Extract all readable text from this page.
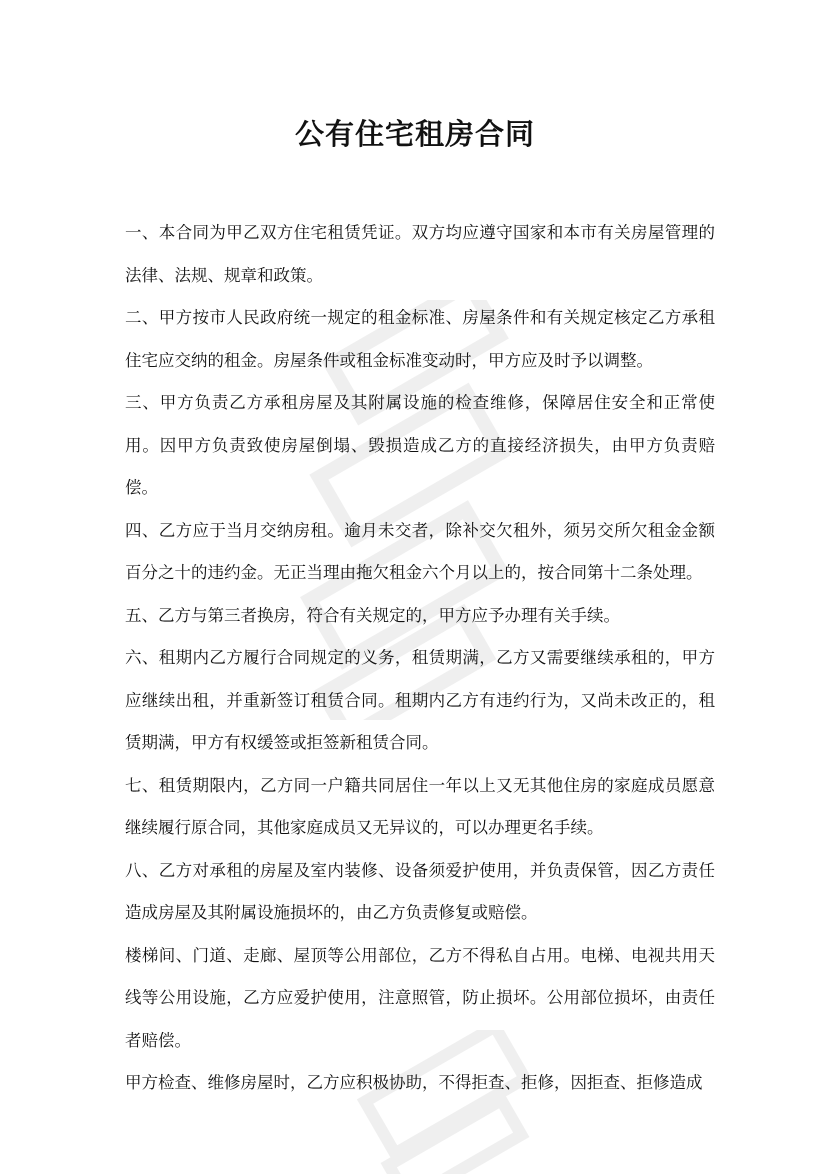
公有住宅租房合同

一、本合同为甲乙双方住宅租赁凭证。双方均应遵守国家和本市有关房屋管理的法律、法规、规章和政策。

二、甲方按市人民政府统一规定的租金标准、房屋条件和有关规定核定乙方承租住宅应交纳的租金。房屋条件或租金标准变动时，甲方应及时予以调整。

三、甲方负责乙方承租房屋及其附属设施的检查维修，保障居住安全和正常使用。因甲方负责致使房屋倒塌、毁损造成乙方的直接经济损失，由甲方负责赔偿。

四、乙方应于当月交纳房租。逾月未交者，除补交欠租外，须另交所欠租金金额百分之十的违约金。无正当理由拖欠租金六个月以上的，按合同第十二条处理。

五、乙方与第三者换房，符合有关规定的，甲方应予办理有关手续。

六、租期内乙方履行合同规定的义务，租赁期满，乙方又需要继续承租的，甲方应继续出租，并重新签订租赁合同。租期内乙方有违约行为，又尚未改正的，租赁期满，甲方有权缓签或拒签新租赁合同。

七、租赁期限内，乙方同一户籍共同居住一年以上又无其他住房的家庭成员愿意继续履行原合同，其他家庭成员又无异议的，可以办理更名手续。

八、乙方对承租的房屋及室内装修、设备须爱护使用，并负责保管，因乙方责任造成房屋及其附属设施损坏的，由乙方负责修复或赔偿。

楼梯间、门道、走廊、屋顶等公用部位，乙方不得私自占用。电梯、电视共用天线等公用设施，乙方应爱护使用，注意照管，防止损坏。公用部位损坏，由责任者赔偿。

甲方检查、维修房屋时，乙方应积极协助，不得拒查、拒修，因拒查、拒修造成
